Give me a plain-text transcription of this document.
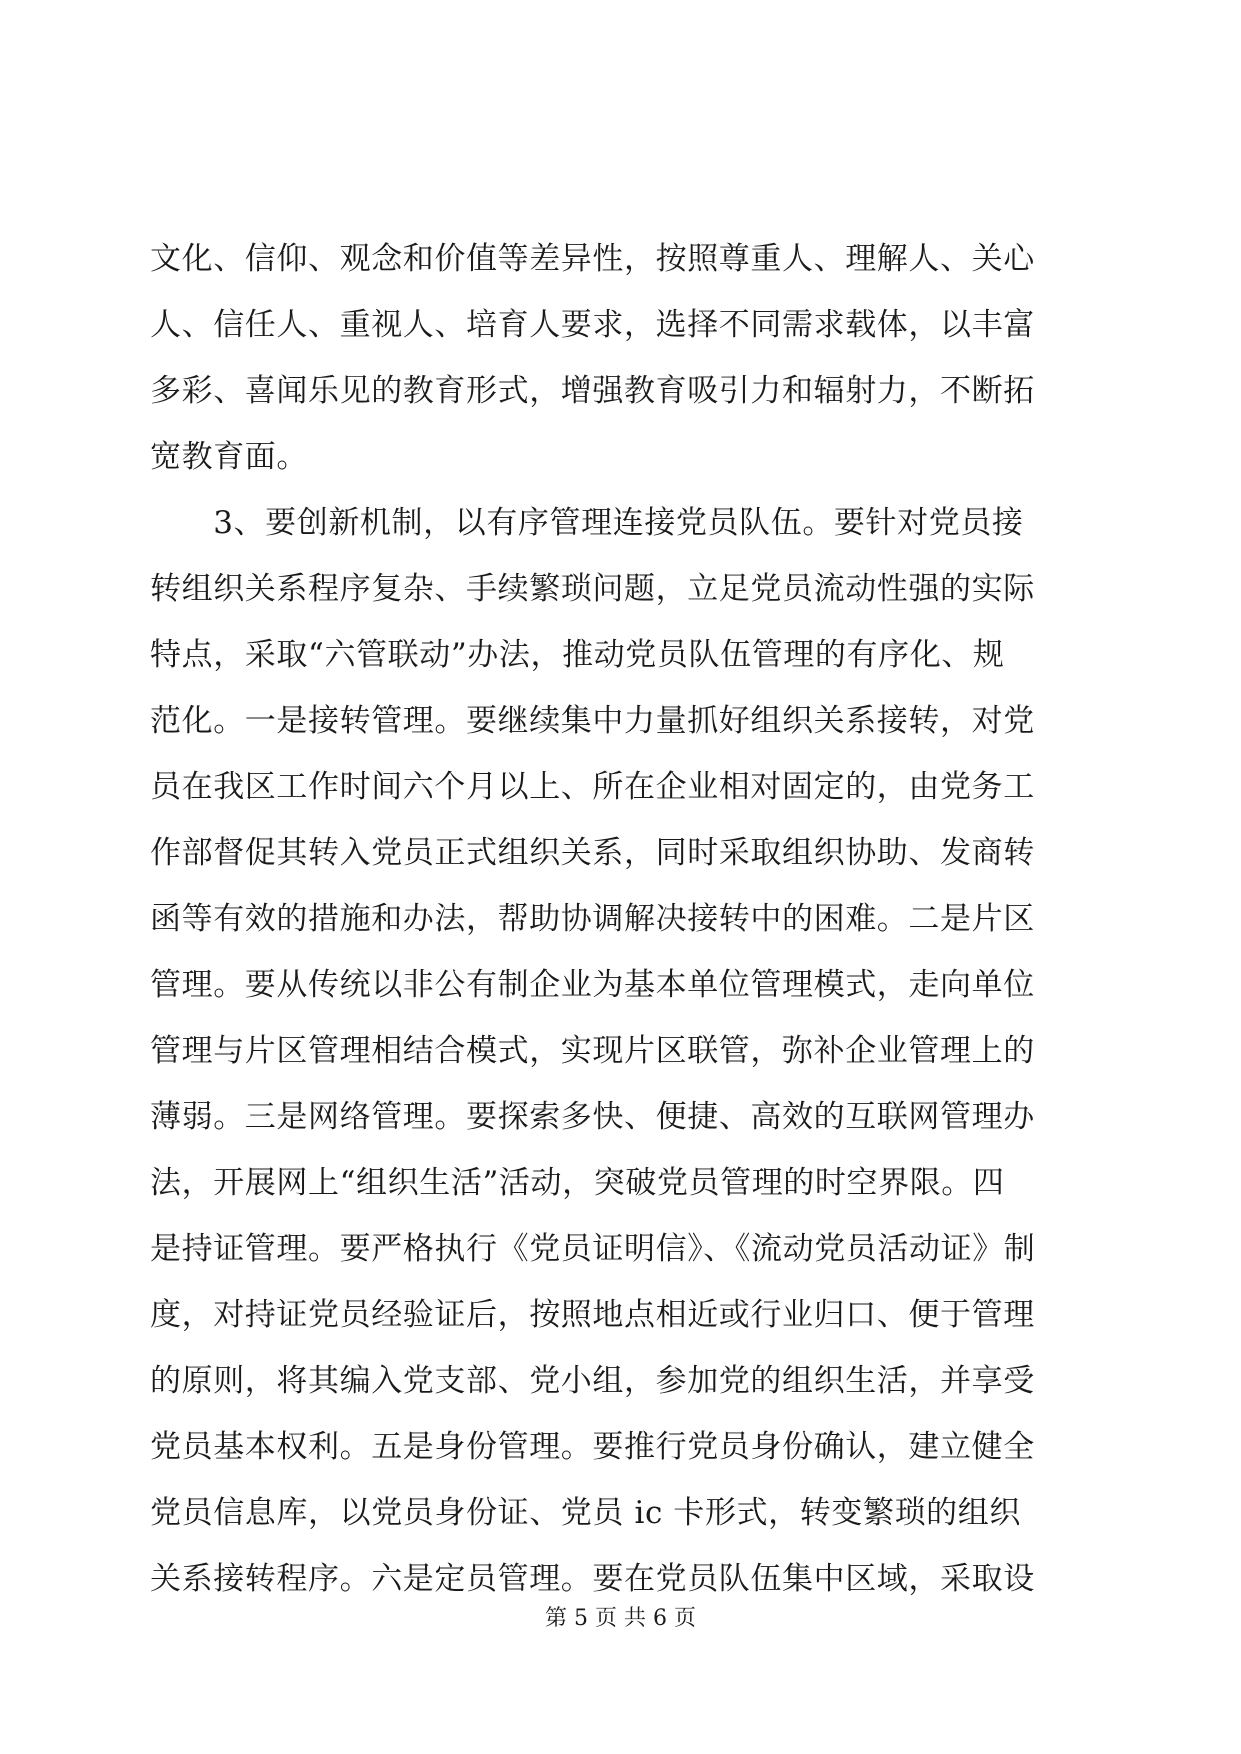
文化、信仰、观念和价值等差异性，按照尊重人、理解人、关心
人、信任人、重视人、培育人要求，选择不同需求载体，以丰富
多彩、喜闻乐见的教育形式，增强教育吸引力和辐射力，不断拓
宽教育面。
　　3、要创新机制，以有序管理连接党员队伍。要针对党员接
转组织关系程序复杂、手续繁琐问题，立足党员流动性强的实际
特点，采取“六管联动”办法，推动党员队伍管理的有序化、规
范化。一是接转管理。要继续集中力量抓好组织关系接转，对党
员在我区工作时间六个月以上、所在企业相对固定的，由党务工
作部督促其转入党员正式组织关系，同时采取组织协助、发商转
函等有效的措施和办法，帮助协调解决接转中的困难。二是片区
管理。要从传统以非公有制企业为基本单位管理模式，走向单位
管理与片区管理相结合模式，实现片区联管，弥补企业管理上的
薄弱。三是网络管理。要探索多快、便捷、高效的互联网管理办
法，开展网上“组织生活”活动，突破党员管理的时空界限。四
是持证管理。要严格执行《党员证明信》、《流动党员活动证》制
度，对持证党员经验证后，按照地点相近或行业归口、便于管理
的原则，将其编入党支部、党小组，参加党的组织生活，并享受
党员基本权利。五是身份管理。要推行党员身份确认，建立健全
党员信息库，以党员身份证、党员 ic 卡形式，转变繁琐的组织
关系接转程序。六是定员管理。要在党员队伍集中区域，采取设
第 5 页 共 6 页
